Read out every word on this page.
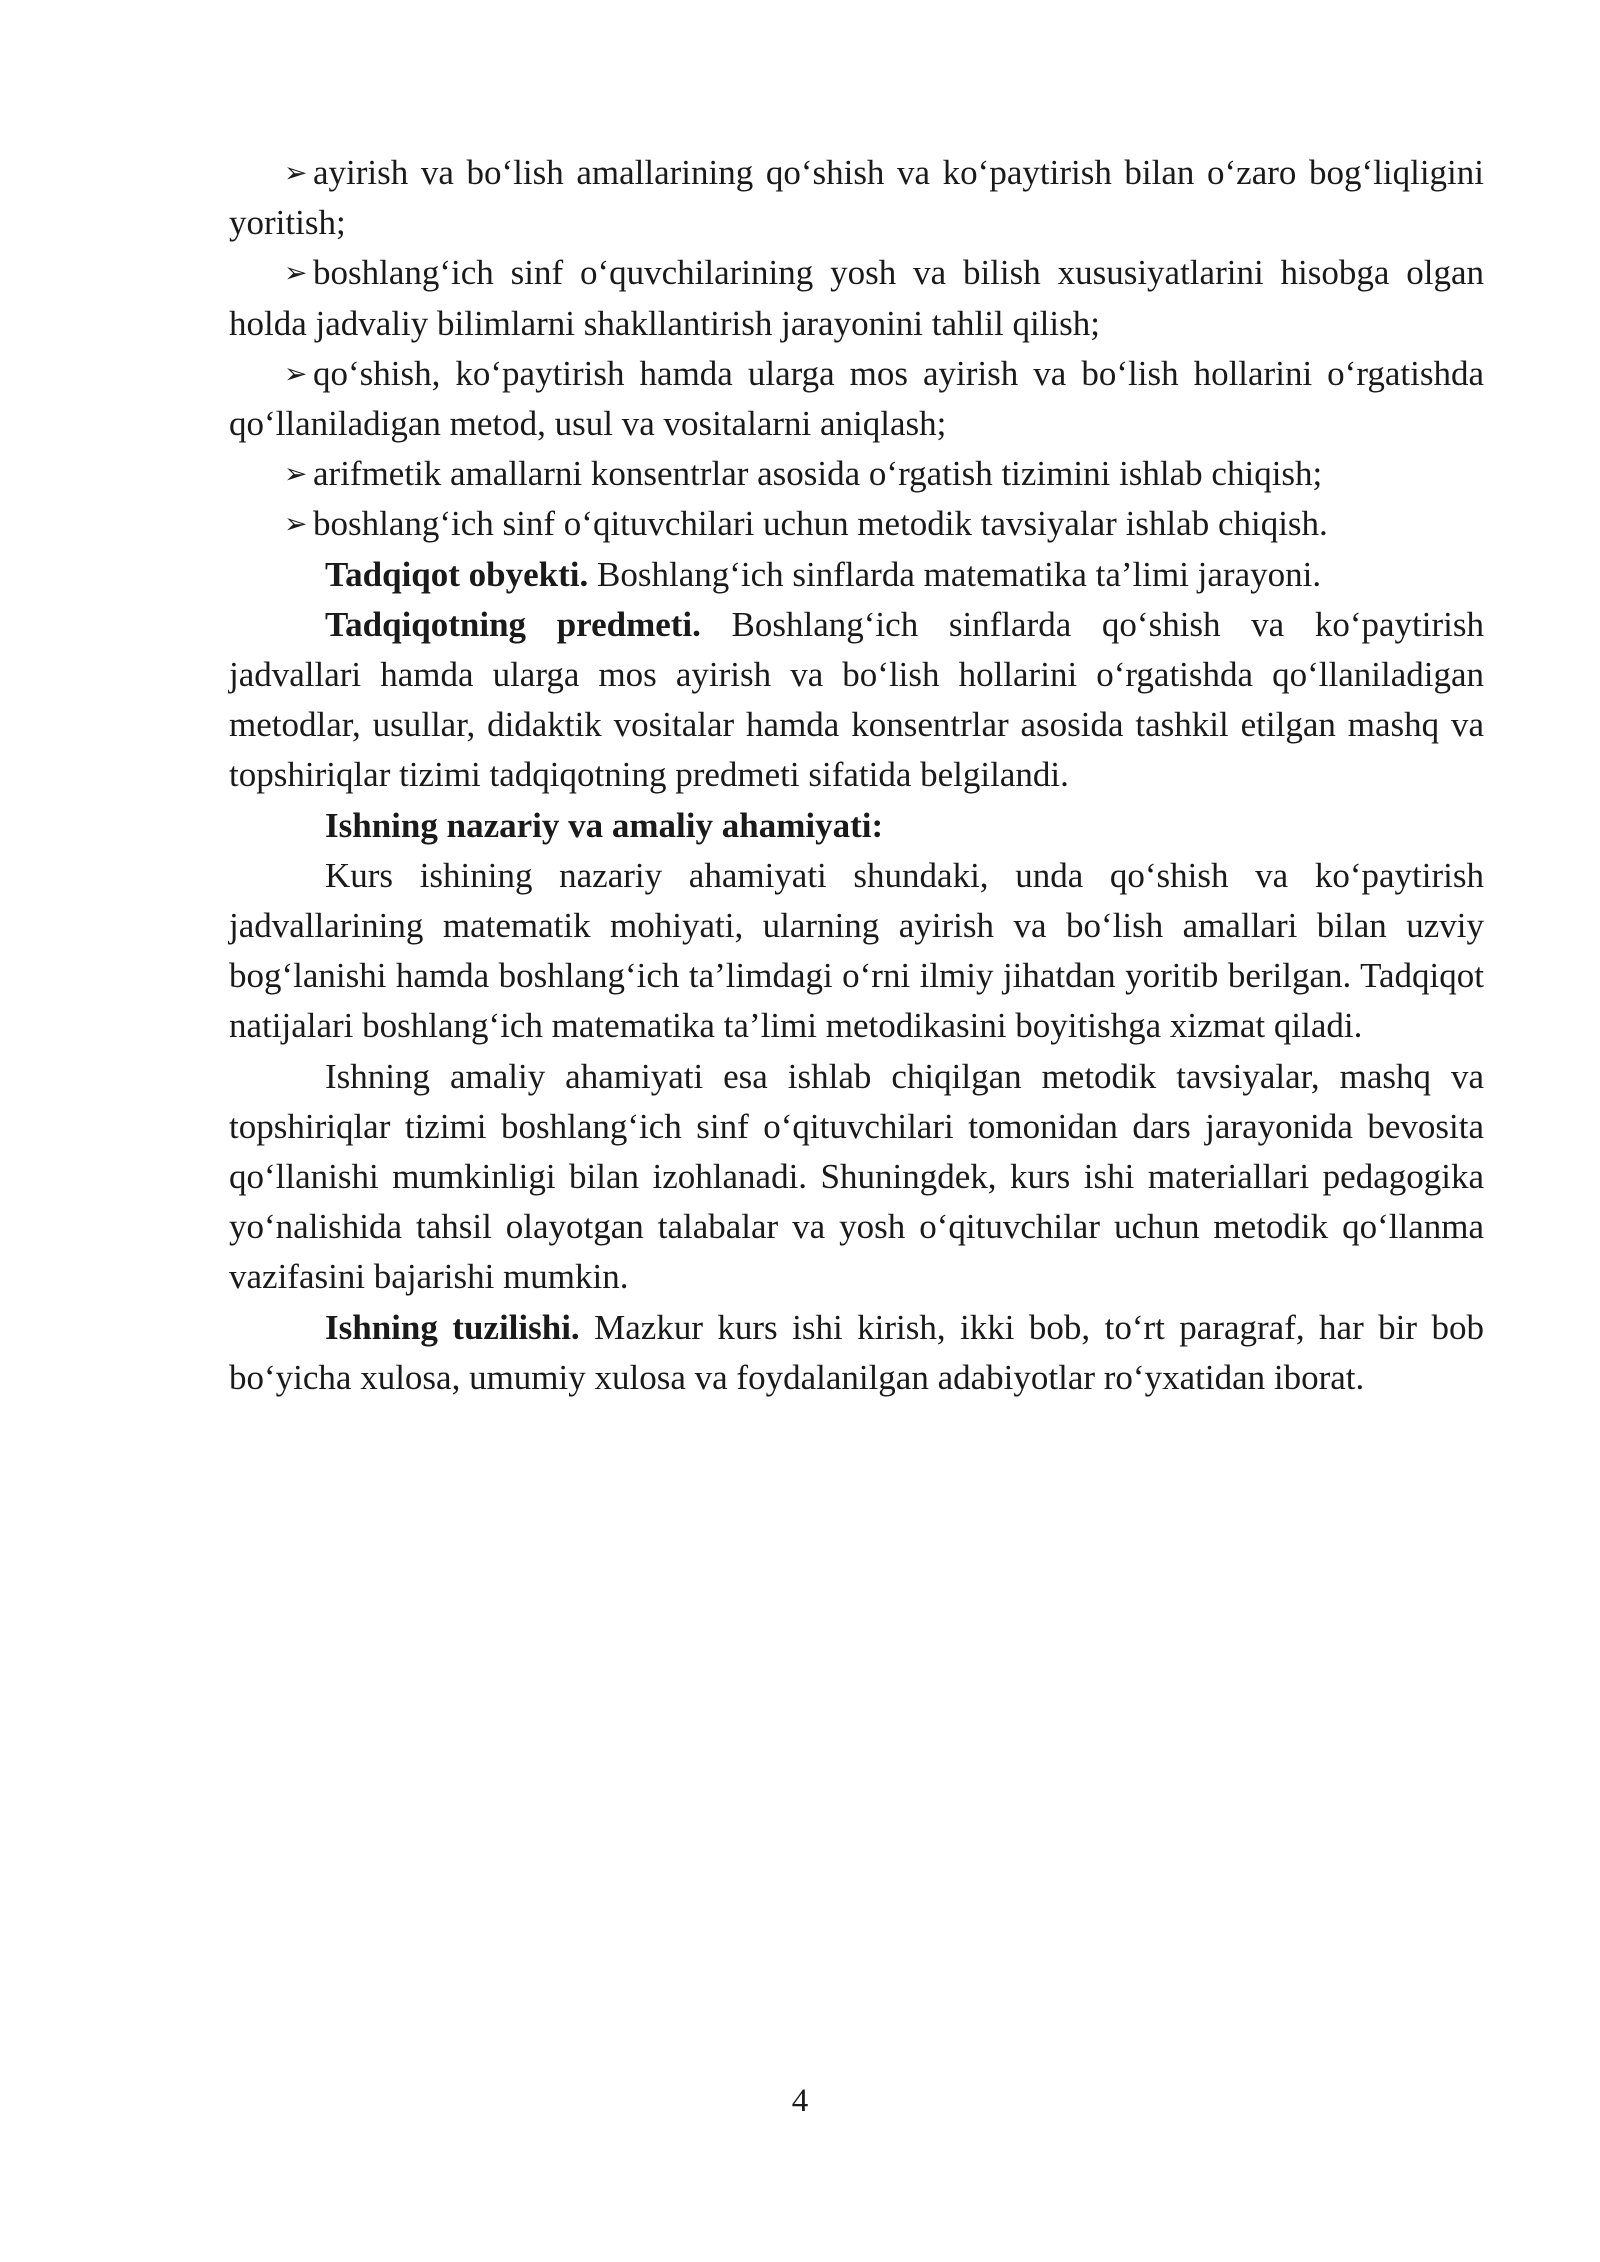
➢ ayirish va bo‘lish amallarining qo‘shish va ko‘paytirish bilan o‘zaro bog‘liqligini yoritish;

➢ boshlang‘ich sinf o‘quvchilarining yosh va bilish xususiyatlarini hisobga olgan holda jadvaliy bilimlarni shakllantirish jarayonini tahlil qilish;

➢ qo‘shish, ko‘paytirish hamda ularga mos ayirish va bo‘lish hollarini o‘rgatishda qo‘llaniladigan metod, usul va vositalarni aniqlash;

➢ arifmetik amallarni konsentrlar asosida o‘rgatish tizimini ishlab chiqish;

➢ boshlang‘ich sinf o‘qituvchilari uchun metodik tavsiyalar ishlab chiqish.

Tadqiqot obyekti. Boshlang‘ich sinflarda matematika ta’limi jarayoni.

Tadqiqotning predmeti. Boshlang‘ich sinflarda qo‘shish va ko‘paytirish jadvallari hamda ularga mos ayirish va bo‘lish hollarini o‘rgatishda qo‘llaniladigan metodlar, usullar, didaktik vositalar hamda konsentrlar asosida tashkil etilgan mashq va topshiriqlar tizimi tadqiqotning predmeti sifatida belgilandi.

Ishning nazariy va amaliy ahamiyati:

Kurs ishining nazariy ahamiyati shundaki, unda qo‘shish va ko‘paytirish jadvallarining matematik mohiyati, ularning ayirish va bo‘lish amallari bilan uzviy bog‘lanishi hamda boshlang‘ich ta’limdagi o‘rni ilmiy jihatdan yoritib berilgan. Tadqiqot natijalari boshlang‘ich matematika ta’limi metodikasini boyitishga xizmat qiladi.

Ishning amaliy ahamiyati esa ishlab chiqilgan metodik tavsiyalar, mashq va topshiriqlar tizimi boshlang‘ich sinf o‘qituvchilari tomonidan dars jarayonida bevosita qo‘llanishi mumkinligi bilan izohlanadi. Shuningdek, kurs ishi materiallari pedagogika yo‘nalishida tahsil olayotgan talabalar va yosh o‘qituvchilar uchun metodik qo‘llanma vazifasini bajarishi mumkin.

Ishning tuzilishi. Mazkur kurs ishi kirish, ikki bob, to‘rt paragraf, har bir bob bo‘yicha xulosa, umumiy xulosa va foydalanilgan adabiyotlar ro‘yxatidan iborat.

4
